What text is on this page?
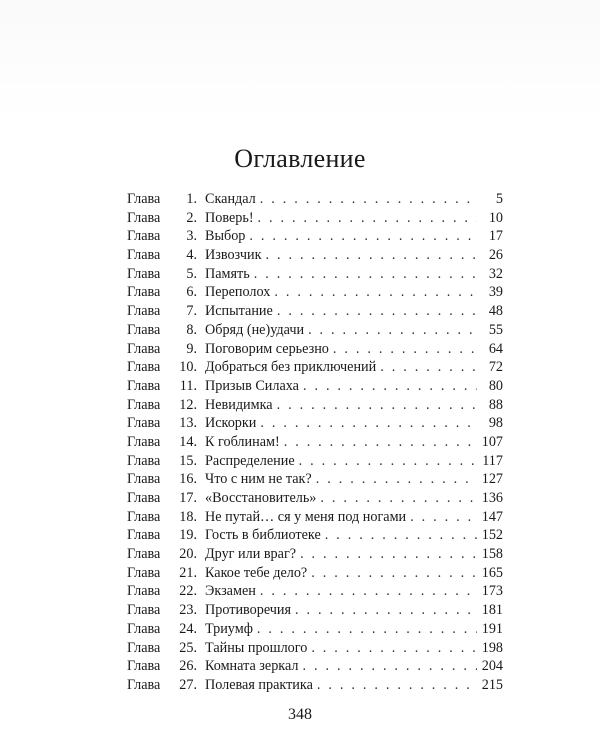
Оглавление
Глава	1. Скандал . . .	5
Глава	2. Поверь! . . .	10
Глава	3. Выбор . . .	17
Глава	4. Извозчик . . .	26
Глава	5. Память . . .	32
Глава	6. Переполох . . .	39
Глава	7. Испытание . . .	48
Глава	8. Обряд (не)удачи . . .	55
Глава	9. Поговорим серьезно . . .	64
Глава	10. Добраться без приключений . . .	72
Глава	11. Призыв Силаха . . .	80
Глава	12. Невидимка . . .	88
Глава	13. Искорки . . .	98
Глава	14. К гоблинам! . . .	107
Глава	15. Распределение . . .	117
Глава	16. Что с ним не так? . . .	127
Глава	17. «Восстановитель» . . .	136
Глава	18. Не путай… ся у меня под ногами . . .	147
Глава	19. Гость в библиотеке . . .	152
Глава	20. Друг или враг? . . .	158
Глава	21. Какое тебе дело? . . .	165
Глава	22. Экзамен . . .	173
Глава	23. Противоречия . . .	181
Глава	24. Триумф . . .	191
Глава	25. Тайны прошлого . . .	198
Глава	26. Комната зеркал . . .	204
Глава	27. Полевая практика . . .	215
348
